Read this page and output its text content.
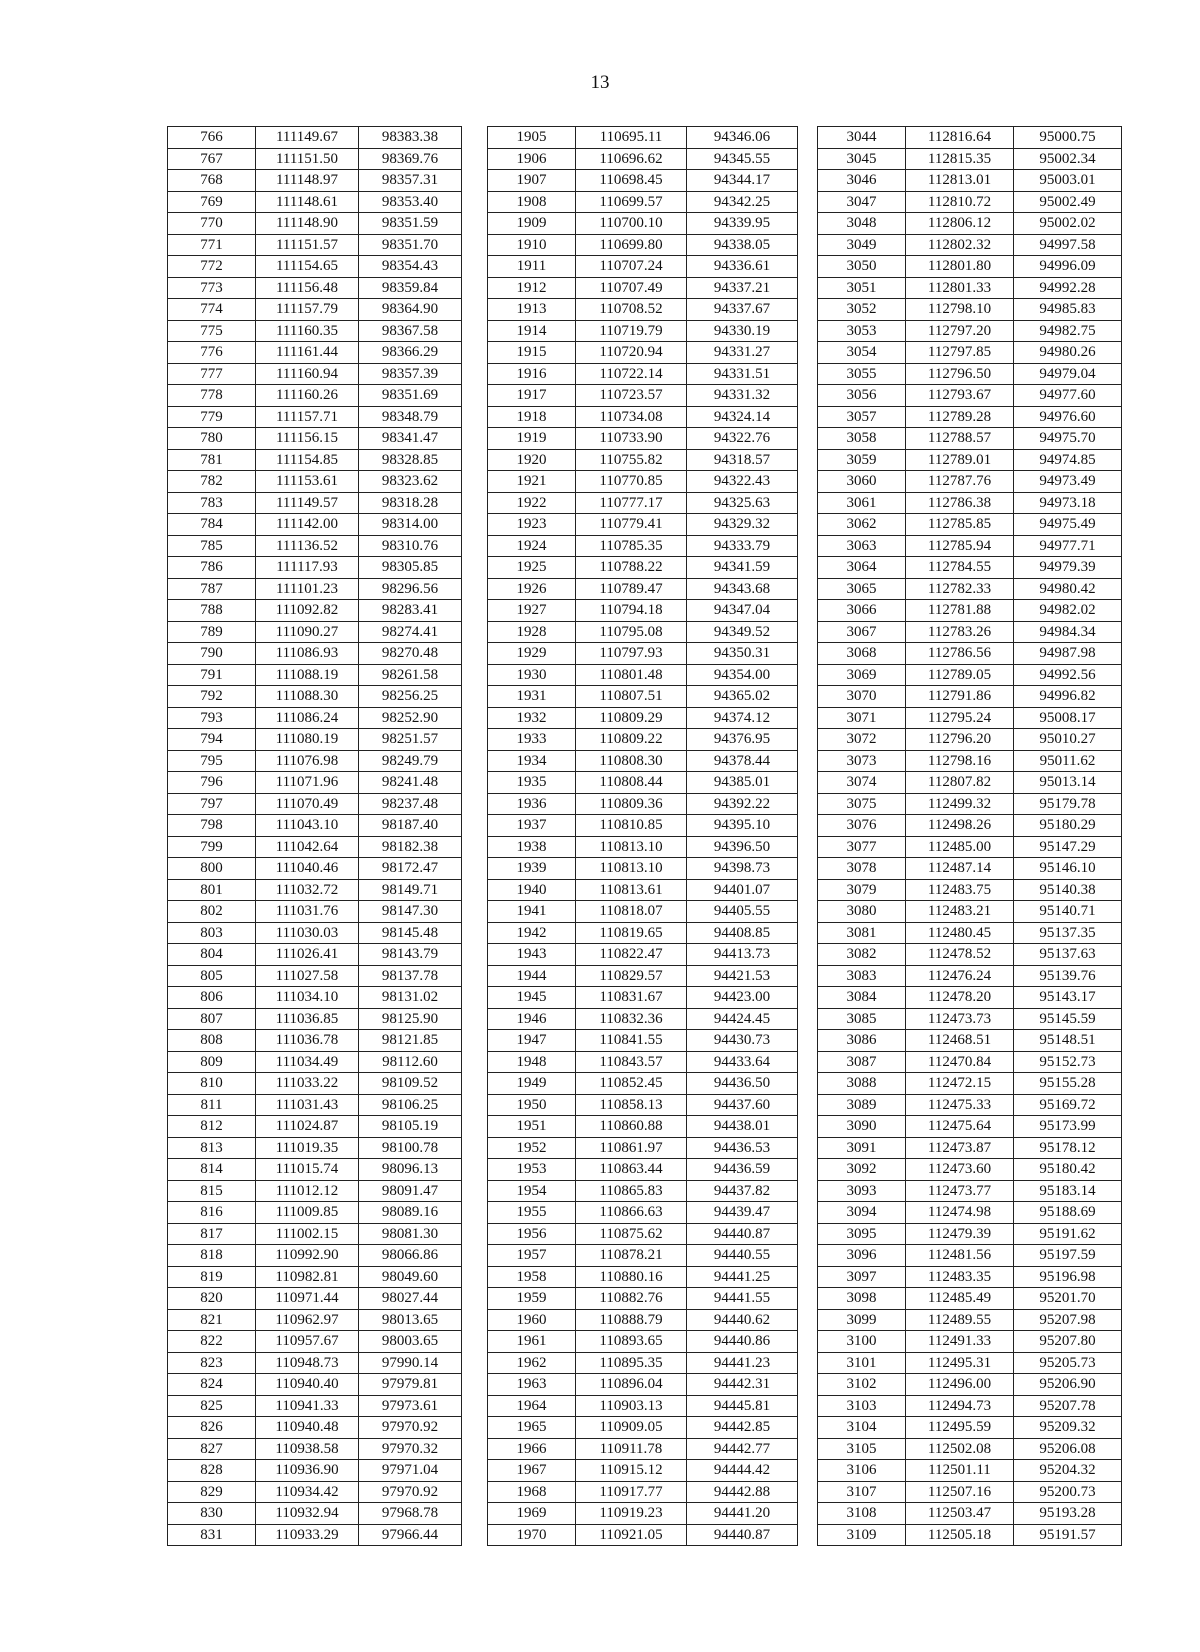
13
766	111149.67	98383.38
767	111151.50	98369.76
768	111148.97	98357.31
769	111148.61	98353.40
770	111148.90	98351.59
771	111151.57	98351.70
772	111154.65	98354.43
773	111156.48	98359.84
774	111157.79	98364.90
775	111160.35	98367.58
776	111161.44	98366.29
777	111160.94	98357.39
778	111160.26	98351.69
779	111157.71	98348.79
780	111156.15	98341.47
781	111154.85	98328.85
782	111153.61	98323.62
783	111149.57	98318.28
784	111142.00	98314.00
785	111136.52	98310.76
786	111117.93	98305.85
787	111101.23	98296.56
788	111092.82	98283.41
789	111090.27	98274.41
790	111086.93	98270.48
791	111088.19	98261.58
792	111088.30	98256.25
793	111086.24	98252.90
794	111080.19	98251.57
795	111076.98	98249.79
796	111071.96	98241.48
797	111070.49	98237.48
798	111043.10	98187.40
799	111042.64	98182.38
800	111040.46	98172.47
801	111032.72	98149.71
802	111031.76	98147.30
803	111030.03	98145.48
804	111026.41	98143.79
805	111027.58	98137.78
806	111034.10	98131.02
807	111036.85	98125.90
808	111036.78	98121.85
809	111034.49	98112.60
810	111033.22	98109.52
811	111031.43	98106.25
812	111024.87	98105.19
813	111019.35	98100.78
814	111015.74	98096.13
815	111012.12	98091.47
816	111009.85	98089.16
817	111002.15	98081.30
818	110992.90	98066.86
819	110982.81	98049.60
820	110971.44	98027.44
821	110962.97	98013.65
822	110957.67	98003.65
823	110948.73	97990.14
824	110940.40	97979.81
825	110941.33	97973.61
826	110940.48	97970.92
827	110938.58	97970.32
828	110936.90	97971.04
829	110934.42	97970.92
830	110932.94	97968.78
831	110933.29	97966.44
1905	110695.11	94346.06
1906	110696.62	94345.55
1907	110698.45	94344.17
1908	110699.57	94342.25
1909	110700.10	94339.95
1910	110699.80	94338.05
1911	110707.24	94336.61
1912	110707.49	94337.21
1913	110708.52	94337.67
1914	110719.79	94330.19
1915	110720.94	94331.27
1916	110722.14	94331.51
1917	110723.57	94331.32
1918	110734.08	94324.14
1919	110733.90	94322.76
1920	110755.82	94318.57
1921	110770.85	94322.43
1922	110777.17	94325.63
1923	110779.41	94329.32
1924	110785.35	94333.79
1925	110788.22	94341.59
1926	110789.47	94343.68
1927	110794.18	94347.04
1928	110795.08	94349.52
1929	110797.93	94350.31
1930	110801.48	94354.00
1931	110807.51	94365.02
1932	110809.29	94374.12
1933	110809.22	94376.95
1934	110808.30	94378.44
1935	110808.44	94385.01
1936	110809.36	94392.22
1937	110810.85	94395.10
1938	110813.10	94396.50
1939	110813.10	94398.73
1940	110813.61	94401.07
1941	110818.07	94405.55
1942	110819.65	94408.85
1943	110822.47	94413.73
1944	110829.57	94421.53
1945	110831.67	94423.00
1946	110832.36	94424.45
1947	110841.55	94430.73
1948	110843.57	94433.64
1949	110852.45	94436.50
1950	110858.13	94437.60
1951	110860.88	94438.01
1952	110861.97	94436.53
1953	110863.44	94436.59
1954	110865.83	94437.82
1955	110866.63	94439.47
1956	110875.62	94440.87
1957	110878.21	94440.55
1958	110880.16	94441.25
1959	110882.76	94441.55
1960	110888.79	94440.62
1961	110893.65	94440.86
1962	110895.35	94441.23
1963	110896.04	94442.31
1964	110903.13	94445.81
1965	110909.05	94442.85
1966	110911.78	94442.77
1967	110915.12	94444.42
1968	110917.77	94442.88
1969	110919.23	94441.20
1970	110921.05	94440.87
3044	112816.64	95000.75
3045	112815.35	95002.34
3046	112813.01	95003.01
3047	112810.72	95002.49
3048	112806.12	95002.02
3049	112802.32	94997.58
3050	112801.80	94996.09
3051	112801.33	94992.28
3052	112798.10	94985.83
3053	112797.20	94982.75
3054	112797.85	94980.26
3055	112796.50	94979.04
3056	112793.67	94977.60
3057	112789.28	94976.60
3058	112788.57	94975.70
3059	112789.01	94974.85
3060	112787.76	94973.49
3061	112786.38	94973.18
3062	112785.85	94975.49
3063	112785.94	94977.71
3064	112784.55	94979.39
3065	112782.33	94980.42
3066	112781.88	94982.02
3067	112783.26	94984.34
3068	112786.56	94987.98
3069	112789.05	94992.56
3070	112791.86	94996.82
3071	112795.24	95008.17
3072	112796.20	95010.27
3073	112798.16	95011.62
3074	112807.82	95013.14
3075	112499.32	95179.78
3076	112498.26	95180.29
3077	112485.00	95147.29
3078	112487.14	95146.10
3079	112483.75	95140.38
3080	112483.21	95140.71
3081	112480.45	95137.35
3082	112478.52	95137.63
3083	112476.24	95139.76
3084	112478.20	95143.17
3085	112473.73	95145.59
3086	112468.51	95148.51
3087	112470.84	95152.73
3088	112472.15	95155.28
3089	112475.33	95169.72
3090	112475.64	95173.99
3091	112473.87	95178.12
3092	112473.60	95180.42
3093	112473.77	95183.14
3094	112474.98	95188.69
3095	112479.39	95191.62
3096	112481.56	95197.59
3097	112483.35	95196.98
3098	112485.49	95201.70
3099	112489.55	95207.98
3100	112491.33	95207.80
3101	112495.31	95205.73
3102	112496.00	95206.90
3103	112494.73	95207.78
3104	112495.59	95209.32
3105	112502.08	95206.08
3106	112501.11	95204.32
3107	112507.16	95200.73
3108	112503.47	95193.28
3109	112505.18	95191.57
